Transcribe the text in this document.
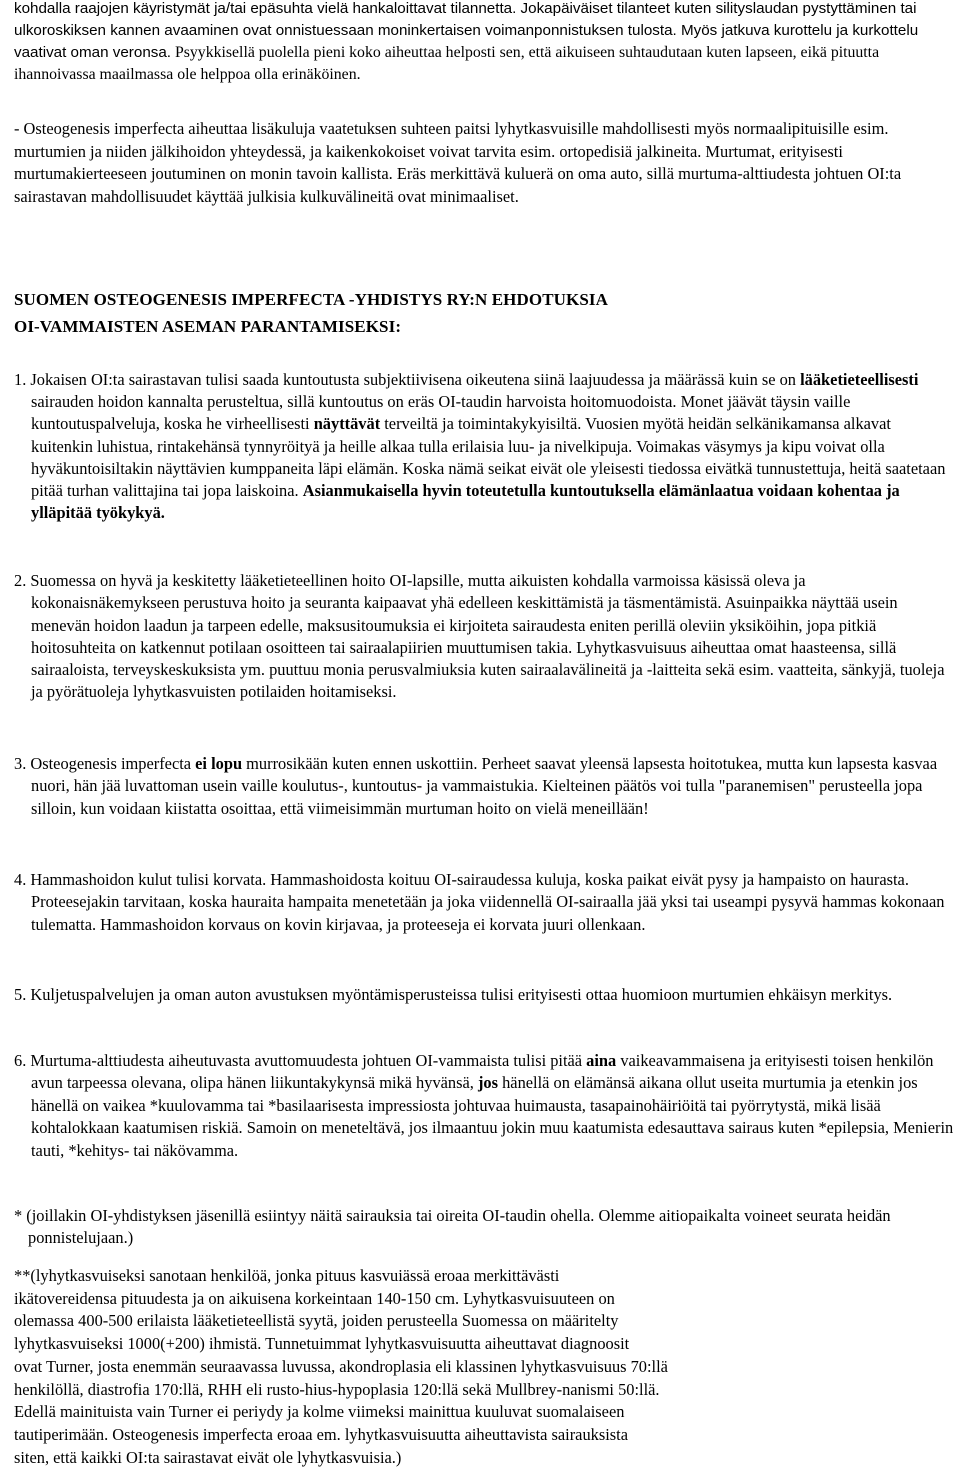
kohdalla raajojen käyristymät ja/tai epäsuhta vielä hankaloittavat tilannetta. Jokapäiväiset tilanteet kuten silityslaudan pystyttäminen tai ulkoroskiksen kannen avaaminen ovat onnistuessaan moninkertaisen voimanponnistuksen tulosta. Myös jatkuva kurottelu ja kurkottelu vaativat oman veronsa. Psyykkisellä puolella pieni koko aiheuttaa helposti sen, että aikuiseen suhtaudutaan kuten lapseen, eikä pituutta ihannoivassa maailmassa ole helppoa olla erinäköinen.

- Osteogenesis imperfecta aiheuttaa lisäkuluja vaatetuksen suhteen paitsi lyhytkasvuisille mahdollisesti myös normaalipituisille esim. murtumien ja niiden jälkihoidon yhteydessä, ja kaikenkokoiset voivat tarvita esim. ortopedisiä jalkineita. Murtumat, erityisesti murtumakierteeseen joutuminen on monin tavoin kallista. Eräs merkittävä kuluerä on oma auto, sillä murtuma-alttiudesta johtuen OI:ta sairastavan mahdollisuudet käyttää julkisia kulkuvälineitä ovat minimaaliset.

SUOMEN OSTEOGENESIS IMPERFECTA -YHDISTYS RY:N EHDOTUKSIA
OI-VAMMAISTEN ASEMAN PARANTAMISEKSI:

1. Jokaisen OI:ta sairastavan tulisi saada kuntoutusta subjektiivisena oikeutena siinä laajuudessa ja määrässä kuin se on lääketieteellisesti sairauden hoidon kannalta perusteltua, sillä kuntoutus on eräs OI-taudin harvoista hoitomuodoista. Monet jäävät täysin vaille kuntoutuspalveluja, koska he virheellisesti näyttävät terveiltä ja toimintakykyisiltä. Vuosien myötä heidän selkänikamansa alkavat kuitenkin luhistua, rintakehänsä tynnyröityä ja heille alkaa tulla erilaisia luu- ja nivelkipuja. Voimakas väsymys ja kipu voivat olla hyväkuntoisiltakin näyttävien kumppaneita läpi elämän. Koska nämä seikat eivät ole yleisesti tiedossa eivätkä tunnustettuja, heitä saatetaan pitää turhan valittajina tai jopa laiskoina. Asianmukaisella hyvin toteutetulla kuntoutuksella elämänlaatua voidaan kohentaa ja ylläpitää työkykyä.

2. Suomessa on hyvä ja keskitetty lääketieteellinen hoito OI-lapsille, mutta aikuisten kohdalla varmoissa käsissä oleva ja kokonaisnäkemykseen perustuva hoito ja seuranta kaipaavat yhä edelleen keskittämistä ja täsmentämistä. Asuinpaikka näyttää usein menevän hoidon laadun ja tarpeen edelle, maksusitoumuksia ei kirjoiteta sairaudesta eniten perillä oleviin yksiköihin, jopa pitkiä hoitosuhteita on katkennut potilaan osoitteen tai sairaalapiirien muuttumisen takia. Lyhytkasvuisuus aiheuttaa omat haasteensa, sillä sairaaloista, terveyskeskuksista ym. puuttuu monia perusvalmiuksia kuten sairaalavälineitä ja -laitteita sekä esim. vaatteita, sänkyjä, tuoleja ja pyörätuoleja lyhytkasvuisten potilaiden hoitamiseksi.

3. Osteogenesis imperfecta ei lopu murrosikään kuten ennen uskottiin. Perheet saavat yleensä lapsesta hoitotukea, mutta kun lapsesta kasvaa nuori, hän jää luvattoman usein vaille koulutus-, kuntoutus- ja vammaistukia. Kielteinen päätös voi tulla "paranemisen" perusteella jopa silloin, kun voidaan kiistatta osoittaa, että viimeisimmän murtuman hoito on vielä meneillään!

4. Hammashoidon kulut tulisi korvata. Hammashoidosta koituu OI-sairaudessa kuluja, koska paikat eivät pysy ja hampaisto on haurasta. Proteesejakin tarvitaan, koska hauraita hampaita menetetään ja joka viidennellä OI-sairaalla jää yksi tai useampi pysyvä hammas kokonaan tulematta. Hammashoidon korvaus on kovin kirjavaa, ja proteeseja ei korvata juuri ollenkaan.

5. Kuljetuspalvelujen ja oman auton avustuksen myöntämisperusteissa tulisi erityisesti ottaa huomioon murtumien ehkäisyn merkitys.

6. Murtuma-alttiudesta aiheutuvasta avuttomuudesta johtuen OI-vammaista tulisi pitää aina vaikeavammaisena ja erityisesti toisen henkilön avun tarpeessa olevana, olipa hänen liikuntakykynsä mikä hyvänsä, jos hänellä on elämänsä aikana ollut useita murtumia ja etenkin jos hänellä on vaikea *kuulovamma tai *basilaarisesta impressiosta johtuvaa huimausta, tasapainohäiriöitä tai pyörrytystä, mikä lisää kohtalokkaan kaatumisen riskiä. Samoin on meneteltävä, jos ilmaantuu jokin muu kaatumista edesauttava sairaus kuten *epilepsia, Menierin tauti, *kehitys- tai näkövamma.

* (joillakin OI-yhdistyksen jäsenillä esiintyy näitä sairauksia tai oireita OI-taudin ohella. Olemme aitiopaikalta voineet seurata heidän ponnistelujaan.)

**(lyhytkasvuiseksi sanotaan henkilöä, jonka pituus kasvuiässä eroaa merkittävästi
ikätovereidensa pituudesta ja on aikuisena korkeintaan 140-150 cm. Lyhytkasvuisuuteen on
olemassa 400-500 erilaista lääketieteellistä syytä, joiden perusteella Suomessa on määritelty
lyhytkasvuiseksi 1000(+200) ihmistä. Tunnetuimmat lyhytkasvuisuutta aiheuttavat diagnoosit
ovat Turner, josta enemmän seuraavassa luvussa, akondroplasia eli klassinen lyhytkasvuisuus 70:llä
henkilöllä, diastrofia 170:llä, RHH eli rusto-hius-hypoplasia 120:llä sekä Mullbrey-nanismi 50:llä.
Edellä mainituista vain Turner ei periydy ja kolme viimeksi mainittua kuuluvat suomalaiseen
tautiperimään. Osteogenesis imperfecta eroaa em. lyhytkasvuisuutta aiheuttavista sairauksista
siten, että kaikki OI:ta sairastavat eivät ole lyhytkasvuisia.)
